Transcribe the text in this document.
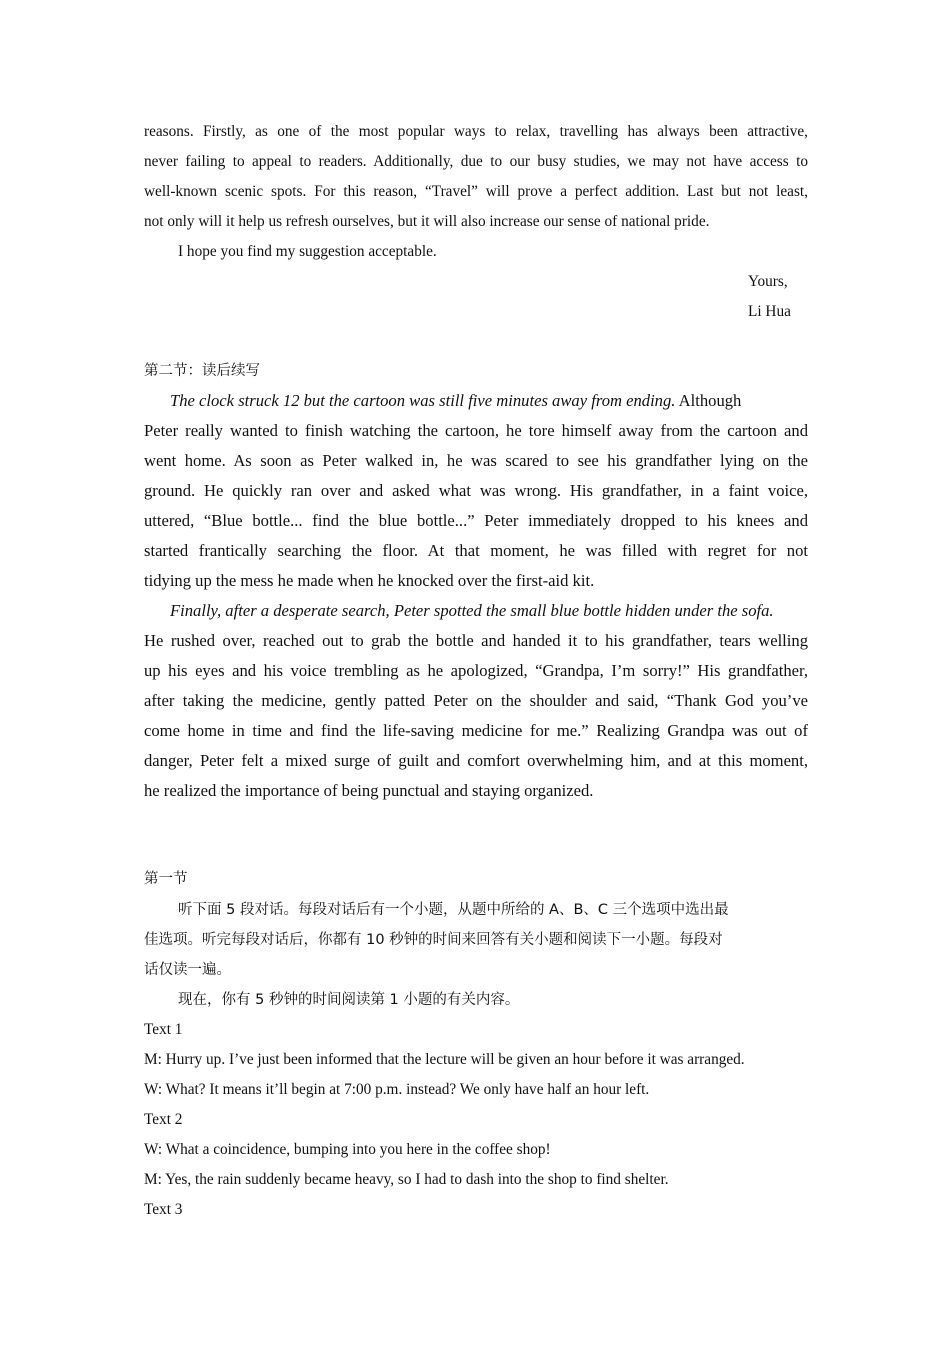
reasons. Firstly, as one of the most popular ways to relax, travelling has always been attractive,
never failing to appeal to readers. Additionally, due to our busy studies, we may not have access to
well-known scenic spots. For this reason, “Travel” will prove a perfect addition. Last but not least,
not only will it help us refresh ourselves, but it will also increase our sense of national pride.
I hope you find my suggestion acceptable.
Yours,
Li Hua
第二节：读后续写
The clock struck 12 but the cartoon was still five minutes away from ending. Although
Peter really wanted to finish watching the cartoon, he tore himself away from the cartoon and
went home. As soon as Peter walked in, he was scared to see his grandfather lying on the
ground. He quickly ran over and asked what was wrong. His grandfather, in a faint voice,
uttered, “Blue bottle... find the blue bottle...” Peter immediately dropped to his knees and
started frantically searching the floor. At that moment, he was filled with regret for not
tidying up the mess he made when he knocked over the first-aid kit.
Finally, after a desperate search, Peter spotted the small blue bottle hidden under the sofa.
He rushed over, reached out to grab the bottle and handed it to his grandfather, tears welling
up his eyes and his voice trembling as he apologized, “Grandpa, I’m sorry!” His grandfather,
after taking the medicine, gently patted Peter on the shoulder and said, “Thank God you’ve
come home in time and find the life-saving medicine for me.” Realizing Grandpa was out of
danger, Peter felt a mixed surge of guilt and comfort overwhelming him, and at this moment,
he realized the importance of being punctual and staying organized.
第一节
听下面 5 段对话。每段对话后有一个小题，从题中所给的 A、B、C 三个选项中选出最
佳选项。听完每段对话后，你都有 10 秒钟的时间来回答有关小题和阅读下一小题。每段对
话仅读一遍。
现在，你有 5 秒钟的时间阅读第 1 小题的有关内容。
Text 1
M: Hurry up. I’ve just been informed that the lecture will be given an hour before it was arranged.
W: What? It means it’ll begin at 7:00 p.m. instead? We only have half an hour left.
Text 2
W: What a coincidence, bumping into you here in the coffee shop!
M: Yes, the rain suddenly became heavy, so I had to dash into the shop to find shelter.
Text 3
